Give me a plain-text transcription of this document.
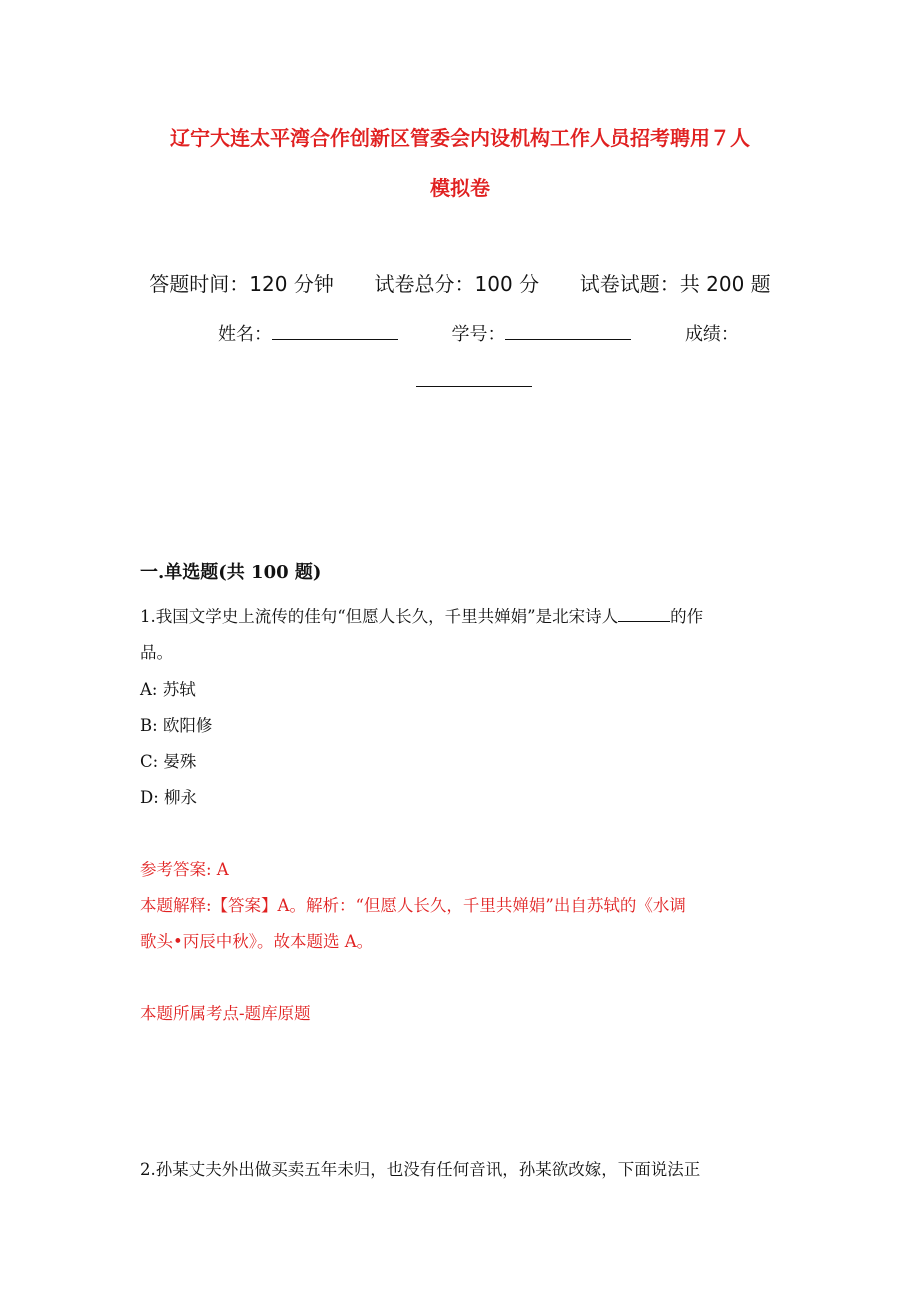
辽宁大连太平湾合作创新区管委会内设机构工作人员招考聘用７人
模拟卷
答题时间：120 分钟 试卷总分：100 分 试卷试题：共 200 题
姓名：	学号：	成绩：
一.单选题(共 100 题)
1.我国文学史上流传的佳句“但愿人长久，千里共婵娟”是北宋诗人	的作
品。
A: 苏轼
B: 欧阳修
C: 晏殊
D: 柳永
参考答案: A
本题解释:【答案】A。解析：“但愿人长久，千里共婵娟”出自苏轼的《水调
歌头•丙辰中秋》。故本题选 A。
本题所属考点-题库原题
2.孙某丈夫外出做买卖五年未归，也没有任何音讯，孙某欲改嫁，下面说法正
